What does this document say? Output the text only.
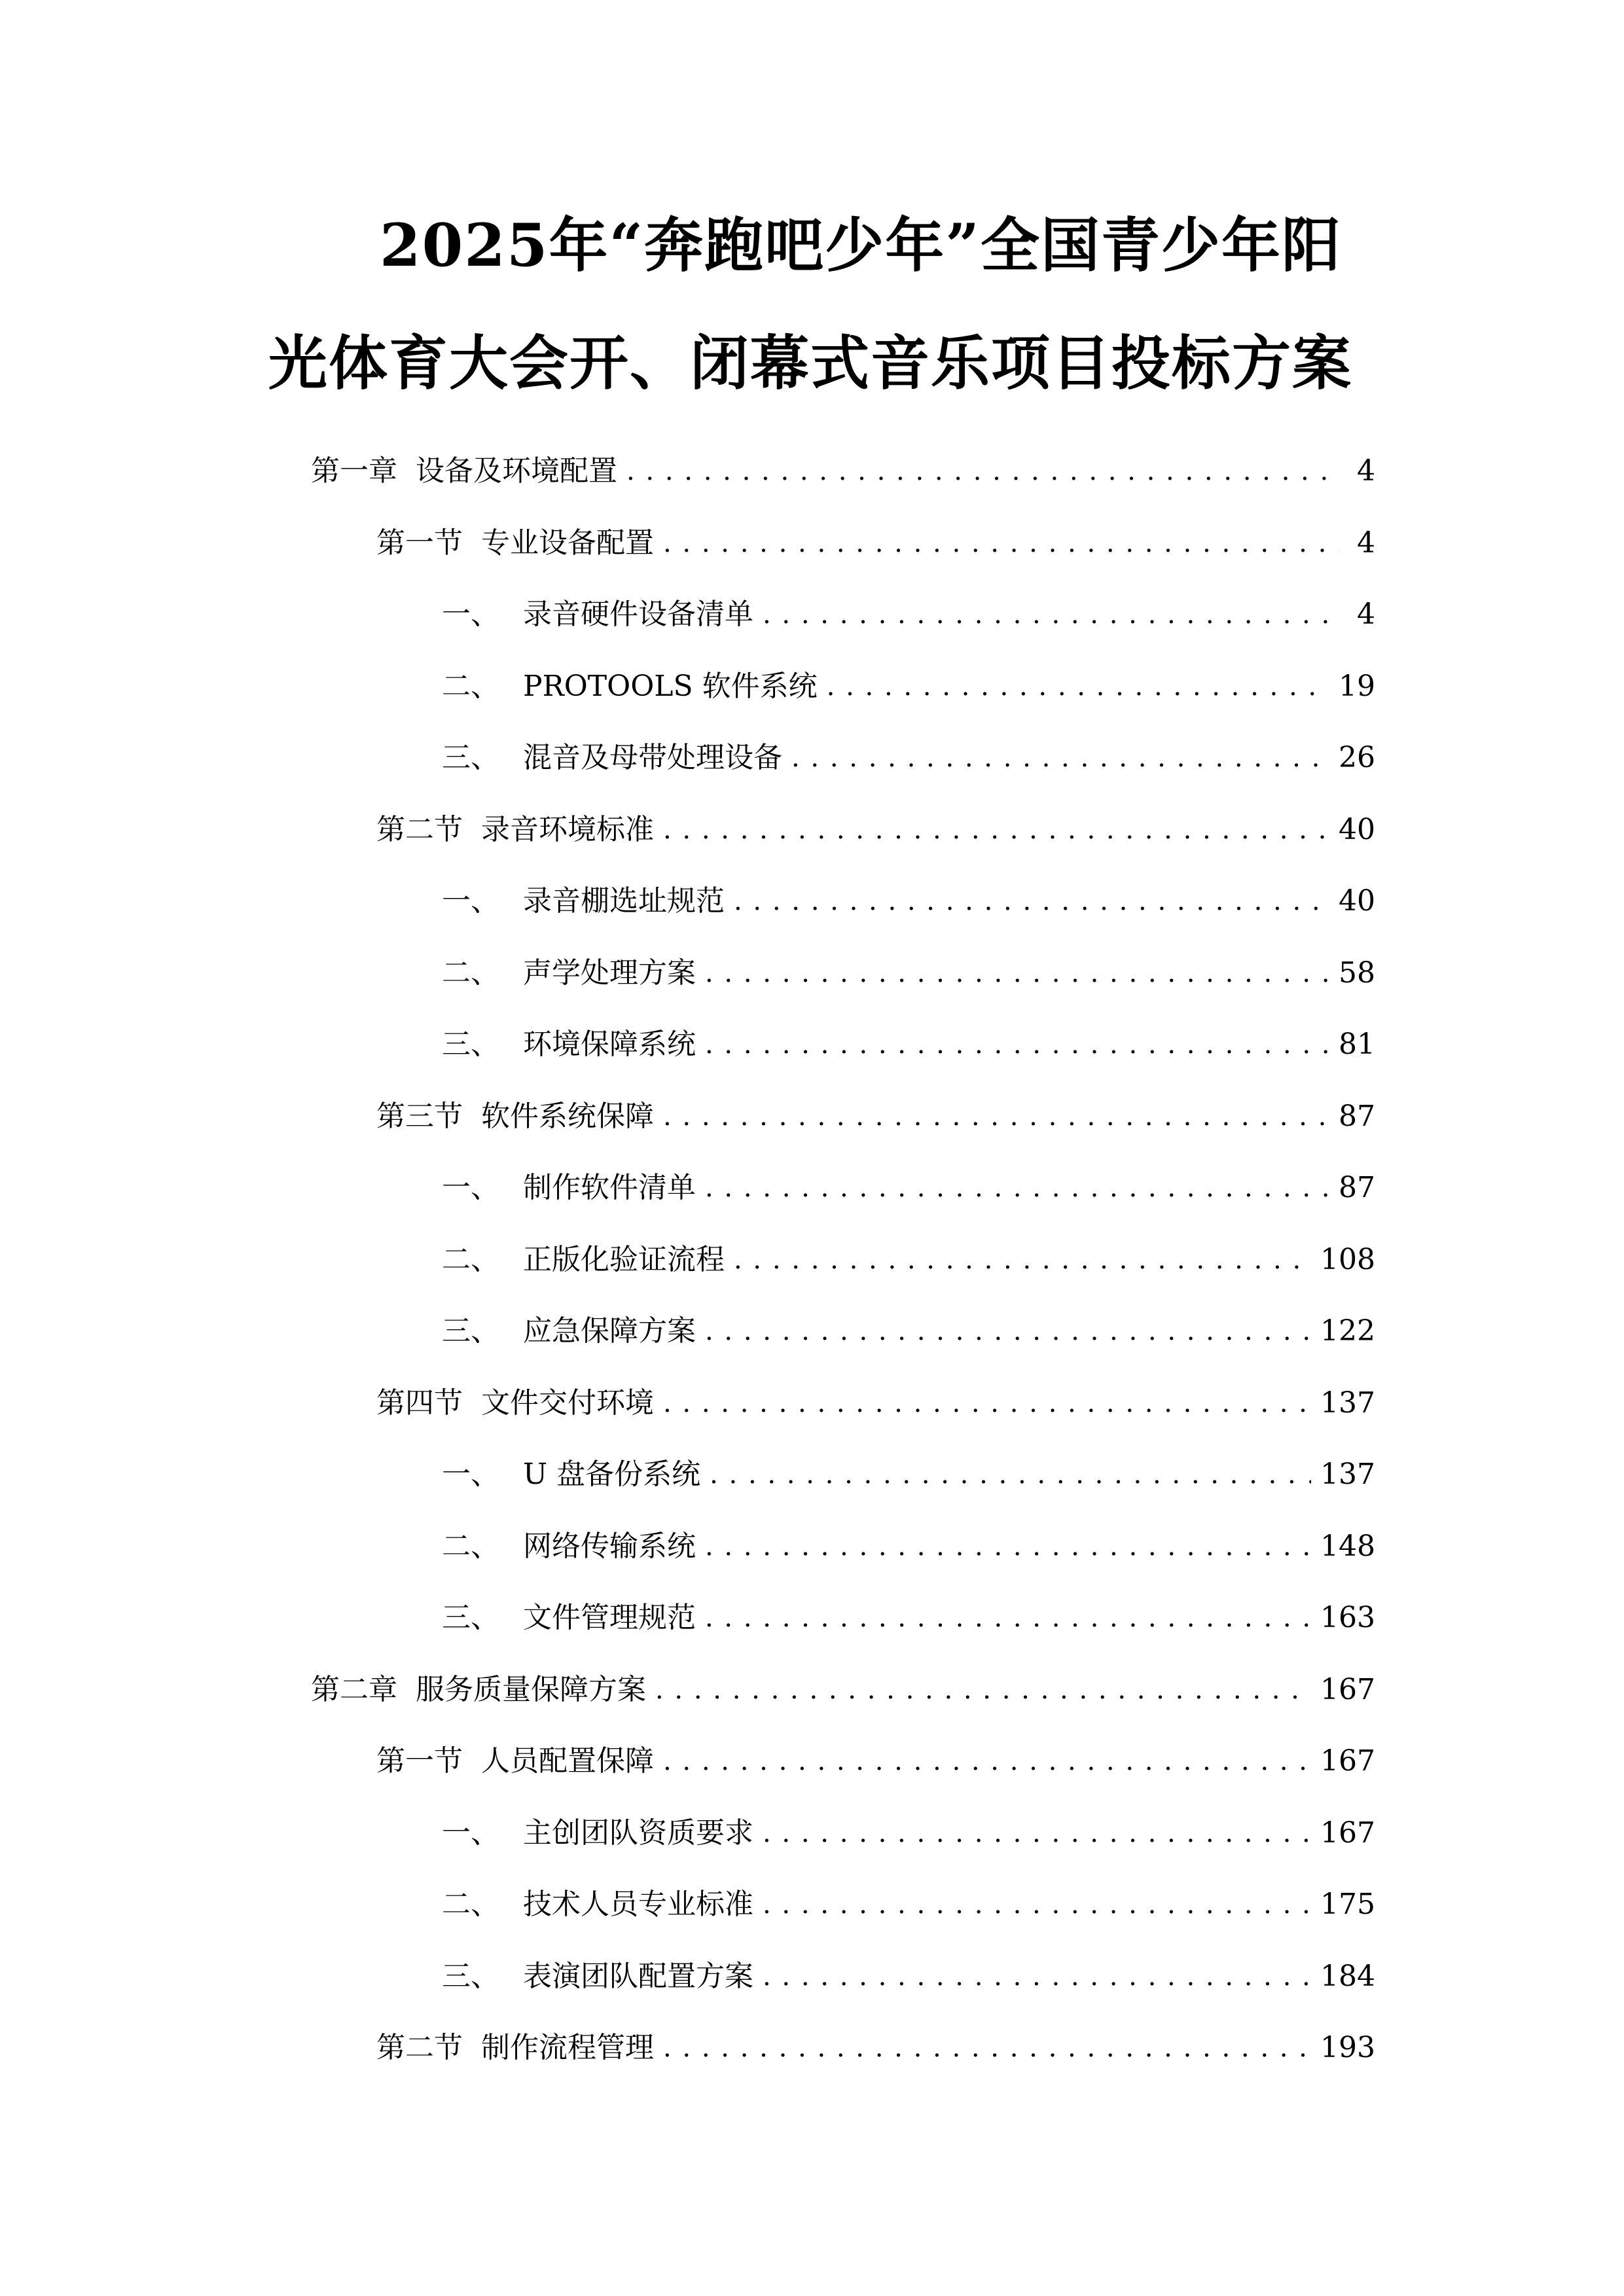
2025年“奔跑吧少年”全国青少年阳
光体育大会开、闭幕式音乐项目投标方案
第一章 设备及环境配置 . . .	4
第一节 专业设备配置 . . .	4
一、 录音硬件设备清单 . . .	4
二、 PROTOOLS 软件系统 . . .	19
三、 混音及母带处理设备 . . .	26
第二节 录音环境标准 . . .	40
一、 录音棚选址规范 . . .	40
二、 声学处理方案 . . .	58
三、 环境保障系统 . . .	81
第三节 软件系统保障 . . .	87
一、 制作软件清单 . . .	87
二、 正版化验证流程 . . .	108
三、 应急保障方案 . . .	122
第四节 文件交付环境 . . .	137
一、 U 盘备份系统 . . .	137
二、 网络传输系统 . . .	148
三、 文件管理规范 . . .	163
第二章 服务质量保障方案 . . .	167
第一节 人员配置保障 . . .	167
一、 主创团队资质要求 . . .	167
二、 技术人员专业标准 . . .	175
三、 表演团队配置方案 . . .	184
第二节 制作流程管理 . . .	193
